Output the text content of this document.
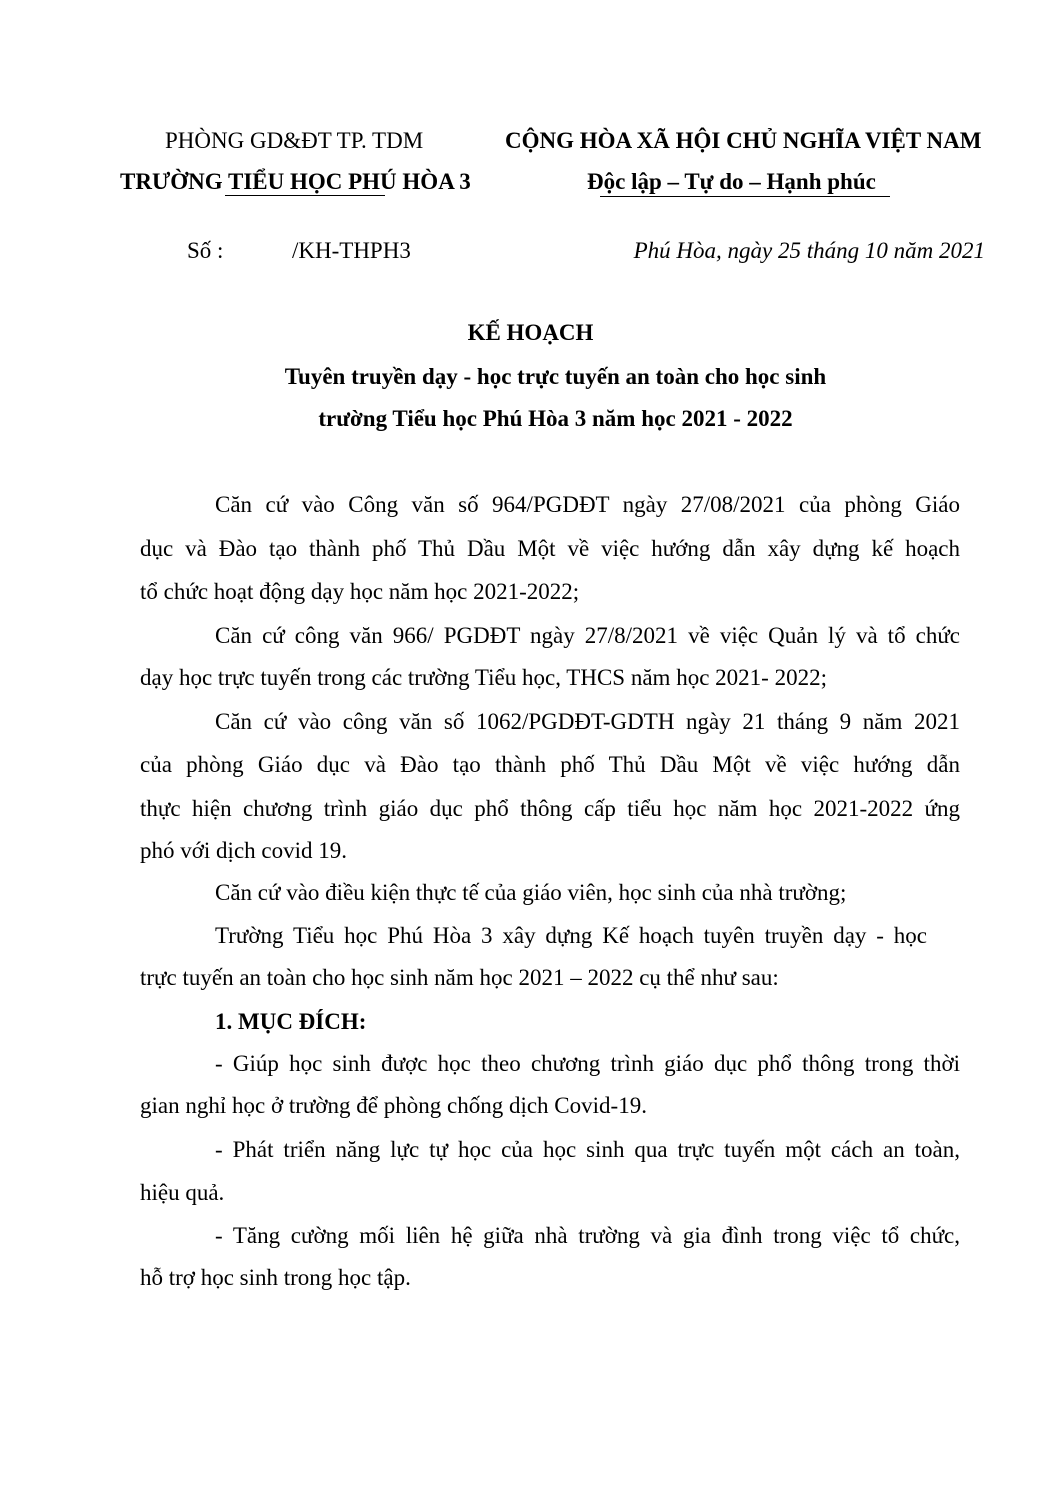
PHÒNG GD&ĐT TP. TDM
TRƯỜNG TIỂU HỌC PHÚ HÒA 3
CỘNG HÒA XÃ HỘI CHỦ NGHĨA VIỆT NAM
Độc lập – Tự do – Hạnh phúc
Số :	/KH-THPH3	Phú Hòa, ngày 25 tháng 10 năm 2021
KẾ HOẠCH
Tuyên truyền dạy - học trực tuyến an toàn cho học sinh
trường Tiểu học Phú Hòa 3 năm học 2021 - 2022
Căn cứ vào Công văn số 964/PGDĐT ngày 27/08/2021 của phòng Giáo
dục và Đào tạo thành phố Thủ Dầu Một về việc hướng dẫn xây dựng kế hoạch
tổ chức hoạt động dạy học năm học 2021-2022;
Căn cứ công văn 966/ PGDĐT ngày 27/8/2021 về việc Quản lý và tổ chức
dạy học trực tuyến trong các trường Tiểu học, THCS năm học 2021- 2022;
Căn cứ vào công văn số 1062/PGDĐT-GDTH ngày 21 tháng 9 năm 2021
của phòng Giáo dục và Đào tạo thành phố Thủ Dầu Một về việc hướng dẫn
thực hiện chương trình giáo dục phổ thông cấp tiểu học năm học 2021-2022 ứng
phó với dịch covid 19.
Căn cứ vào điều kiện thực tế của giáo viên, học sinh của nhà trường;
Trường Tiểu học Phú Hòa 3 xây dựng Kế hoạch tuyên truyền dạy - học
trực tuyến an toàn cho học sinh năm học 2021 – 2022 cụ thể như sau:
1. MỤC ĐÍCH:
- Giúp học sinh được học theo chương trình giáo dục phổ thông trong thời
gian nghỉ học ở trường để phòng chống dịch Covid-19.
- Phát triển năng lực tự học của học sinh qua trực tuyến một cách an toàn,
hiệu quả.
- Tăng cường mối liên hệ giữa nhà trường và gia đình trong việc tổ chức,
hỗ trợ học sinh trong học tập.
